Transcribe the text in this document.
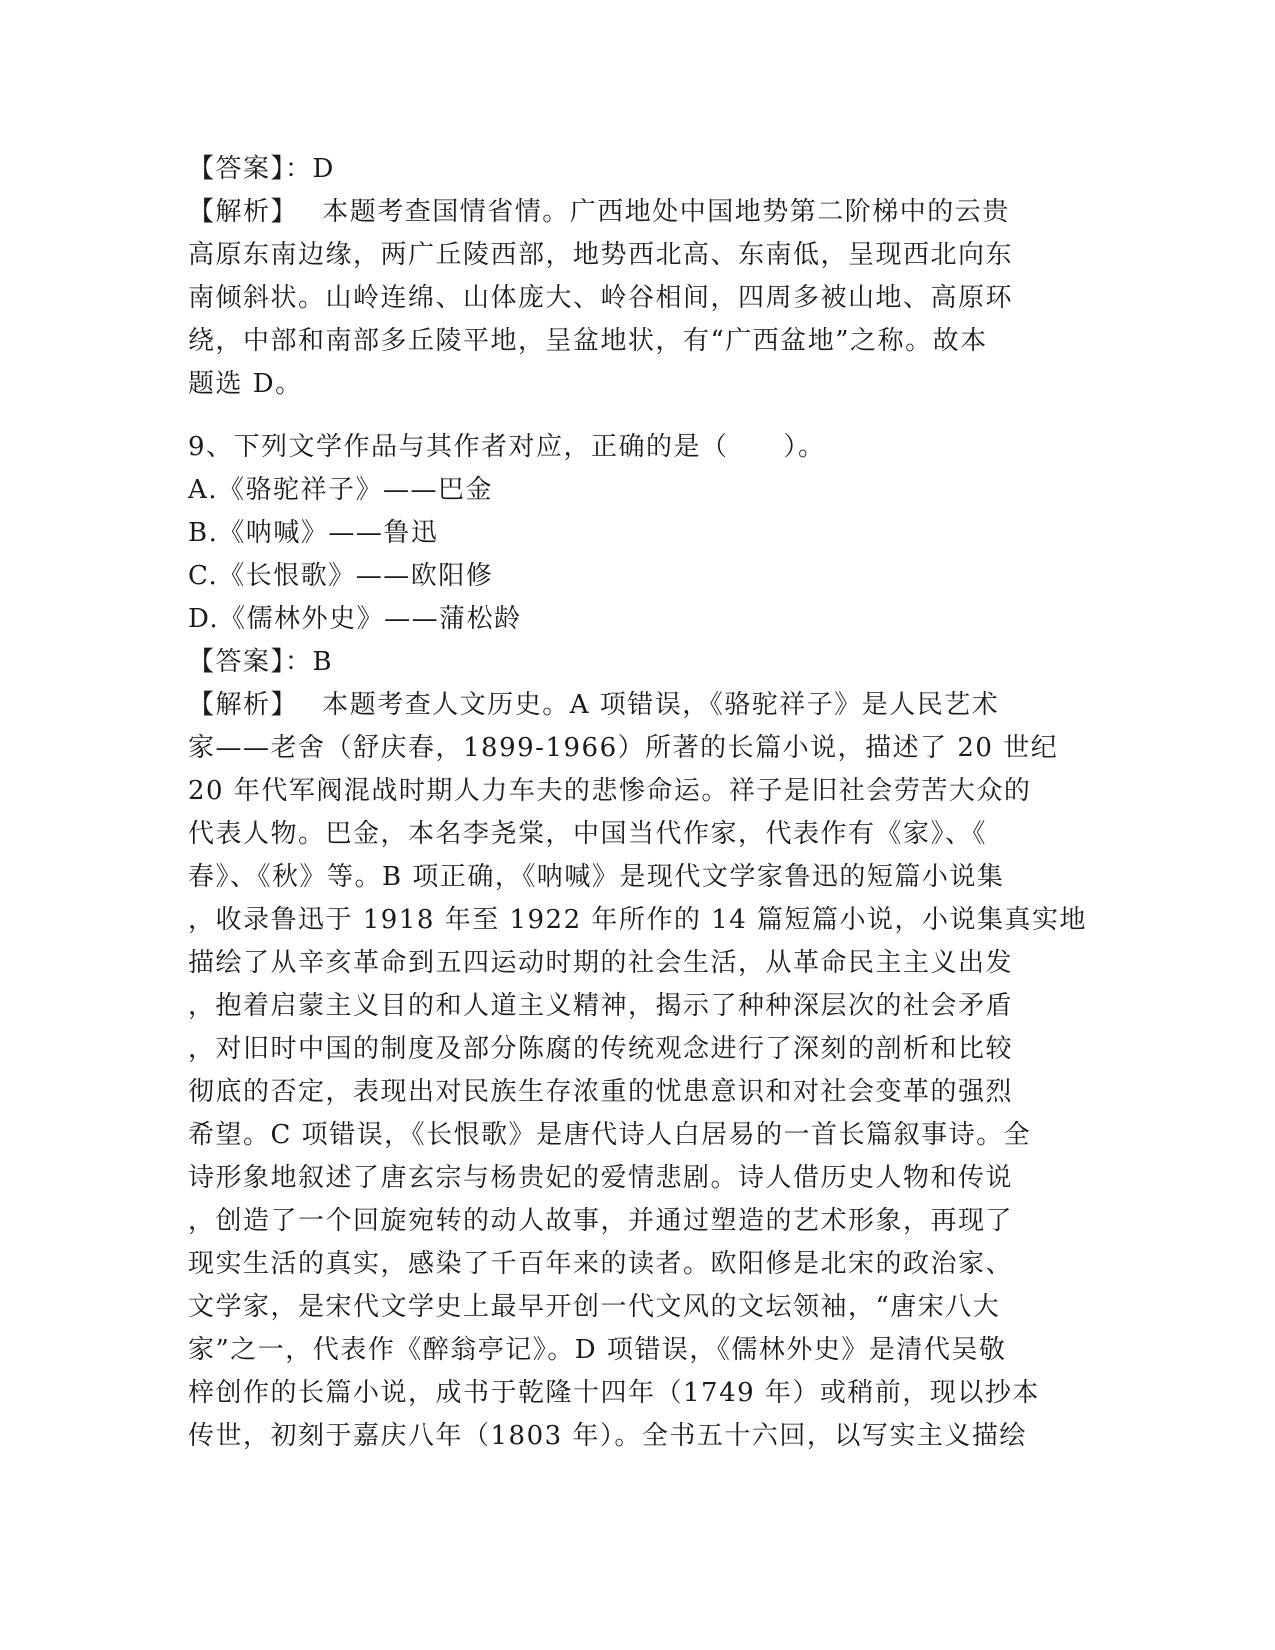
【答案】：D
【解析】　 本题考查国情省情。广西地处中国地势第二阶梯中的云贵
高原东南边缘，两广丘陵西部，地势西北高、东南低，呈现西北向东
南倾斜状。山岭连绵、山体庞大、岭谷相间，四周多被山地、高原环
绕，中部和南部多丘陵平地，呈盆地状，有“广西盆地”之称。故本
题选 D。
9、下列文学作品与其作者对应，正确的是（　　）。
A.《骆驼祥子》——巴金
B.《呐喊》——鲁迅
C.《长恨歌》——欧阳修
D.《儒林外史》——蒲松龄
【答案】：B
【解析】　 本题考查人文历史。A 项错误，《骆驼祥子》是人民艺术
家——老舍（舒庆春，1899-1966）所著的长篇小说，描述了 20 世纪
20 年代军阀混战时期人力车夫的悲惨命运。祥子是旧社会劳苦大众的
代表人物。巴金，本名李尧棠，中国当代作家，代表作有《家》、《
春》、《秋》等。B 项正确，《呐喊》是现代文学家鲁迅的短篇小说集
，收录鲁迅于 1918 年至 1922 年所作的 14 篇短篇小说，小说集真实地
描绘了从辛亥革命到五四运动时期的社会生活，从革命民主主义出发
，抱着启蒙主义目的和人道主义精神，揭示了种种深层次的社会矛盾
，对旧时中国的制度及部分陈腐的传统观念进行了深刻的剖析和比较
彻底的否定，表现出对民族生存浓重的忧患意识和对社会变革的强烈
希望。C 项错误，《长恨歌》是唐代诗人白居易的一首长篇叙事诗。全
诗形象地叙述了唐玄宗与杨贵妃的爱情悲剧。诗人借历史人物和传说
，创造了一个回旋宛转的动人故事，并通过塑造的艺术形象，再现了
现实生活的真实，感染了千百年来的读者。欧阳修是北宋的政治家、
文学家，是宋代文学史上最早开创一代文风的文坛领袖，“唐宋八大
家”之一，代表作《醉翁亭记》。D 项错误，《儒林外史》是清代吴敬
梓创作的长篇小说，成书于乾隆十四年（1749 年）或稍前，现以抄本
传世，初刻于嘉庆八年（1803 年）。全书五十六回，以写实主义描绘
